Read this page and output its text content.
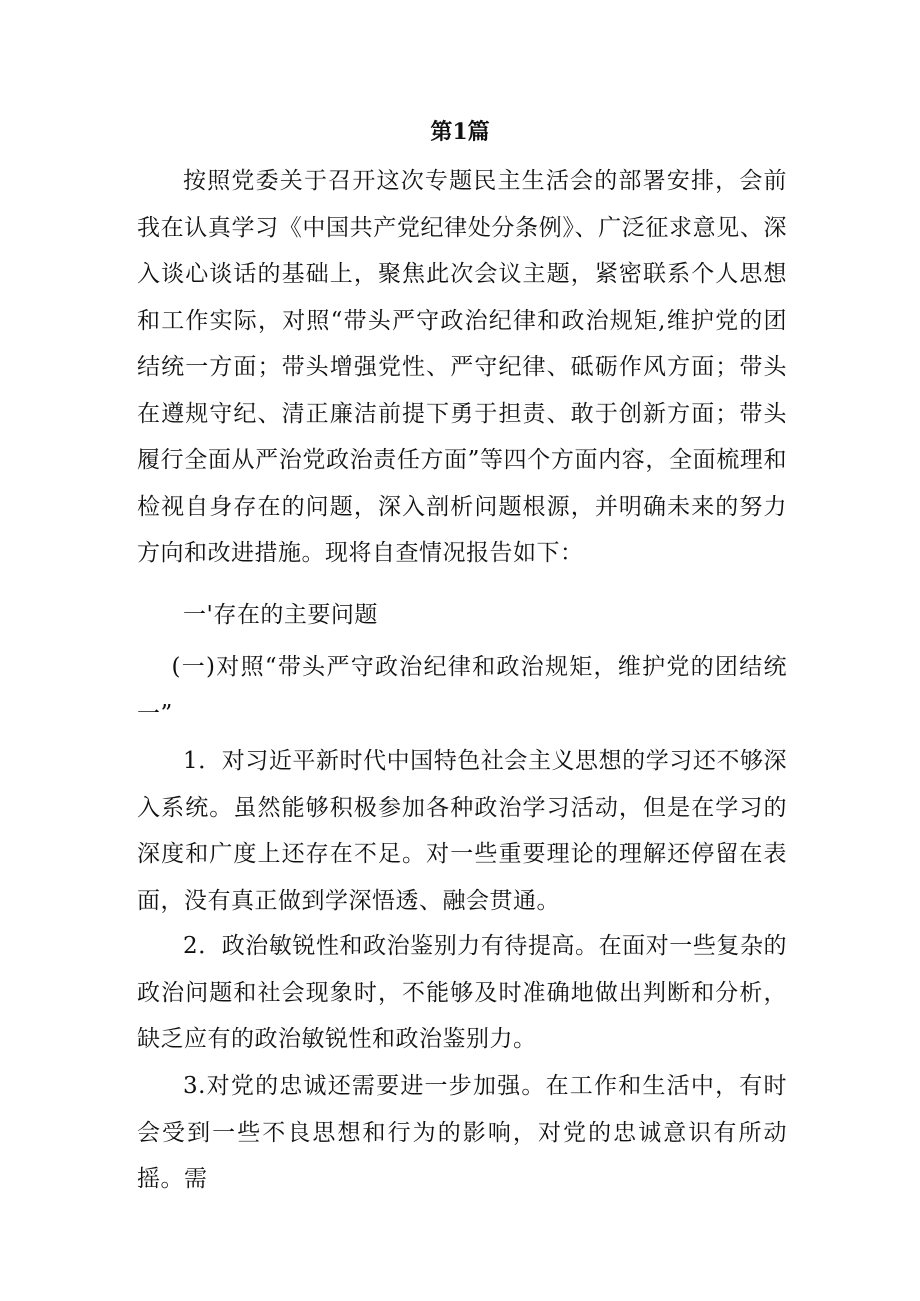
第1篇

按照党委关于召开这次专题民主生活会的部署安排，会前我在认真学习《中国共产党纪律处分条例》、广泛征求意见、深入谈心谈话的基础上，聚焦此次会议主题，紧密联系个人思想和工作实际，对照“带头严守政治纪律和政治规矩,维护党的团结统一方面；带头增强党性、严守纪律、砥砺作风方面；带头在遵规守纪、清正廉洁前提下勇于担责、敢于创新方面；带头履行全面从严治党政治责任方面”等四个方面内容，全面梳理和检视自身存在的问题，深入剖析问题根源，并明确未来的努力方向和改进措施。现将自查情况报告如下：

一'存在的主要问题

(一)对照“带头严守政治纪律和政治规矩，维护党的团结统一”

1．对习近平新时代中国特色社会主义思想的学习还不够深入系统。虽然能够积极参加各种政治学习活动，但是在学习的深度和广度上还存在不足。对一些重要理论的理解还停留在表面，没有真正做到学深悟透、融会贯通。

2．政治敏锐性和政治鉴别力有待提高。在面对一些复杂的政治问题和社会现象时，不能够及时准确地做出判断和分析，缺乏应有的政治敏锐性和政治鉴别力。

3.对党的忠诚还需要进一步加强。在工作和生活中，有时会受到一些不良思想和行为的影响，对党的忠诚意识有所动摇。需
